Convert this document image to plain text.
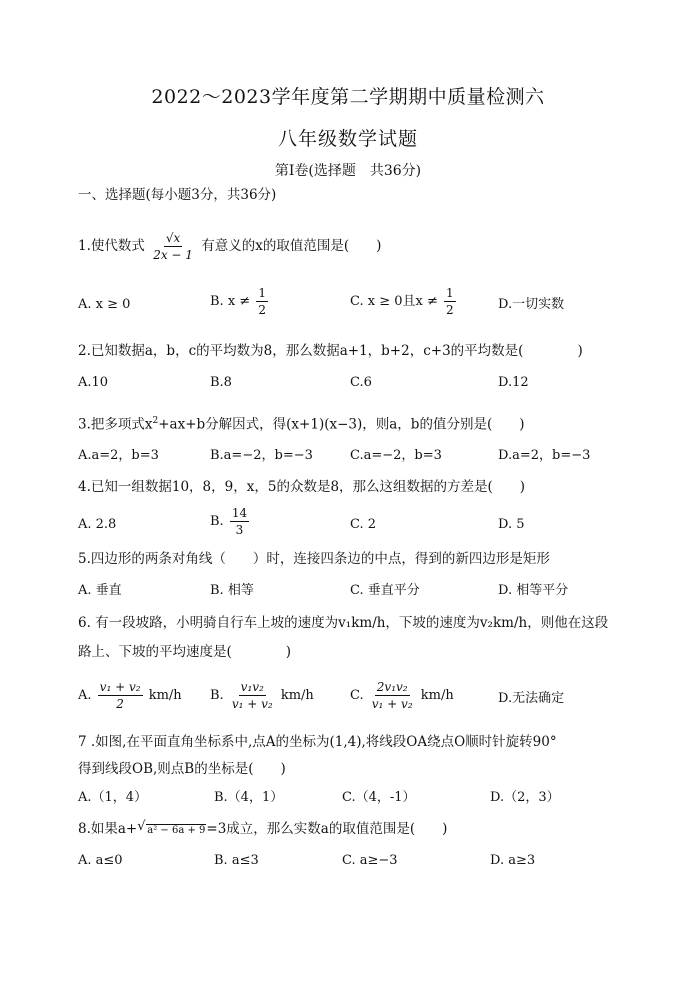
2022～2023学年度第二学期期中质量检测六
八年级数学试题
第Ⅰ卷(选择题　共36分)
一、选择题(每小题3分，共36分)
1.使代数式 $\frac{√x}{2x - 1}$ 有意义的x的取值范围是(　　)
A. x ≥ 0	B. $x \ne \frac{1}{2}$	C. x ≥ 0且$x \ne \frac{1}{2}$	D.一切实数
2.已知数据a，b，c的平均数为8，那么数据a+1，b+2，c+3的平均数是(　　　　)
A.10	B.8	C.6	D.12
3.把多项式$x^2+ax+b$分解因式，得(x+1)(x−3)，则a，b的值分别是(　　)
A.a=2，b=3	B.a=−2，b=−3	C.a=−2，b=3	D.a=2，b=−3
4.已知一组数据10，8，9，x，5的众数是8，那么这组数据的方差是(　　)
A. 2.8	B. $\frac{14}{3}$	C. 2	D. 5
5.四边形的两条对角线（　　）时，连接四条边的中点，得到的新四边形是矩形
A. 垂直	B. 相等	C. 垂直平分	D. 相等平分
6. 有一段坡路，小明骑自行车上坡的速度为v₁km/h，下坡的速度为v₂km/h，则他在这段
路上、下坡的平均速度是(　　　　)
A. $\frac{\text{v₁ + v₂}}{2} km/h$ B. $\frac{\text{v₁v₂}}{\text{v₁ + v₂}} km/h$	C. $\frac{\text{2v₁v₂}}{\text{v₁ + v₂}} km/h$	D.无法确定
7 .如图,在平面直角坐标系中,点A的坐标为(1,4),将线段OA绕点O顺时针旋转90°
得到线段OB,则点B的坐标是(　　)
A.（1，4）	B.（4，1）	C.（4，-1）	D.（2，3）
8.如果a+ √ a² − 6a + 9=3成立，那么实数a的取值范围是(　　)
A. a≤0	B. a≤3	C. a≥−3	D. a≥3
